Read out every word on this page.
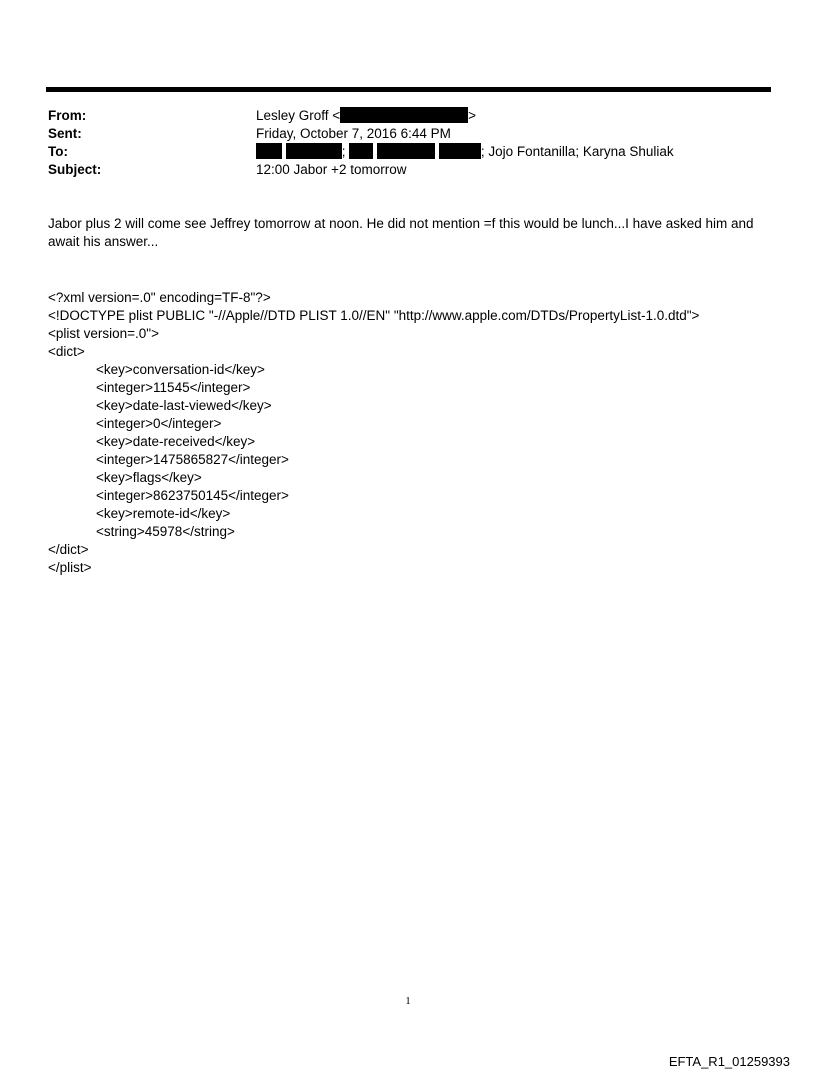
From:	Lesley Groff <	>
Sent:	Friday, October 7, 2016 6:44 PM
To:	;	; Jojo Fontanilla; Karyna Shuliak
Subject:	12:00 Jabor +2 tomorrow
Jabor plus 2 will come see Jeffrey tomorrow at noon. He did not mention =f this would be lunch...I have asked him and await his answer...
<?xml version=.0" encoding=TF-8"?>
<!DOCTYPE plist PUBLIC "-//Apple//DTD PLIST 1.0//EN" "http://www.apple.com/DTDs/PropertyList-1.0.dtd">
<plist version=.0">
<dict>
<key>conversation-id</key>
<integer>11545</integer>
<key>date-last-viewed</key>
<integer>0</integer>
<key>date-received</key>
<integer>1475865827</integer>
<key>flags</key>
<integer>8623750145</integer>
<key>remote-id</key>
<string>45978</string>
</dict>
</plist>
1
EFTA_R1_01259393
